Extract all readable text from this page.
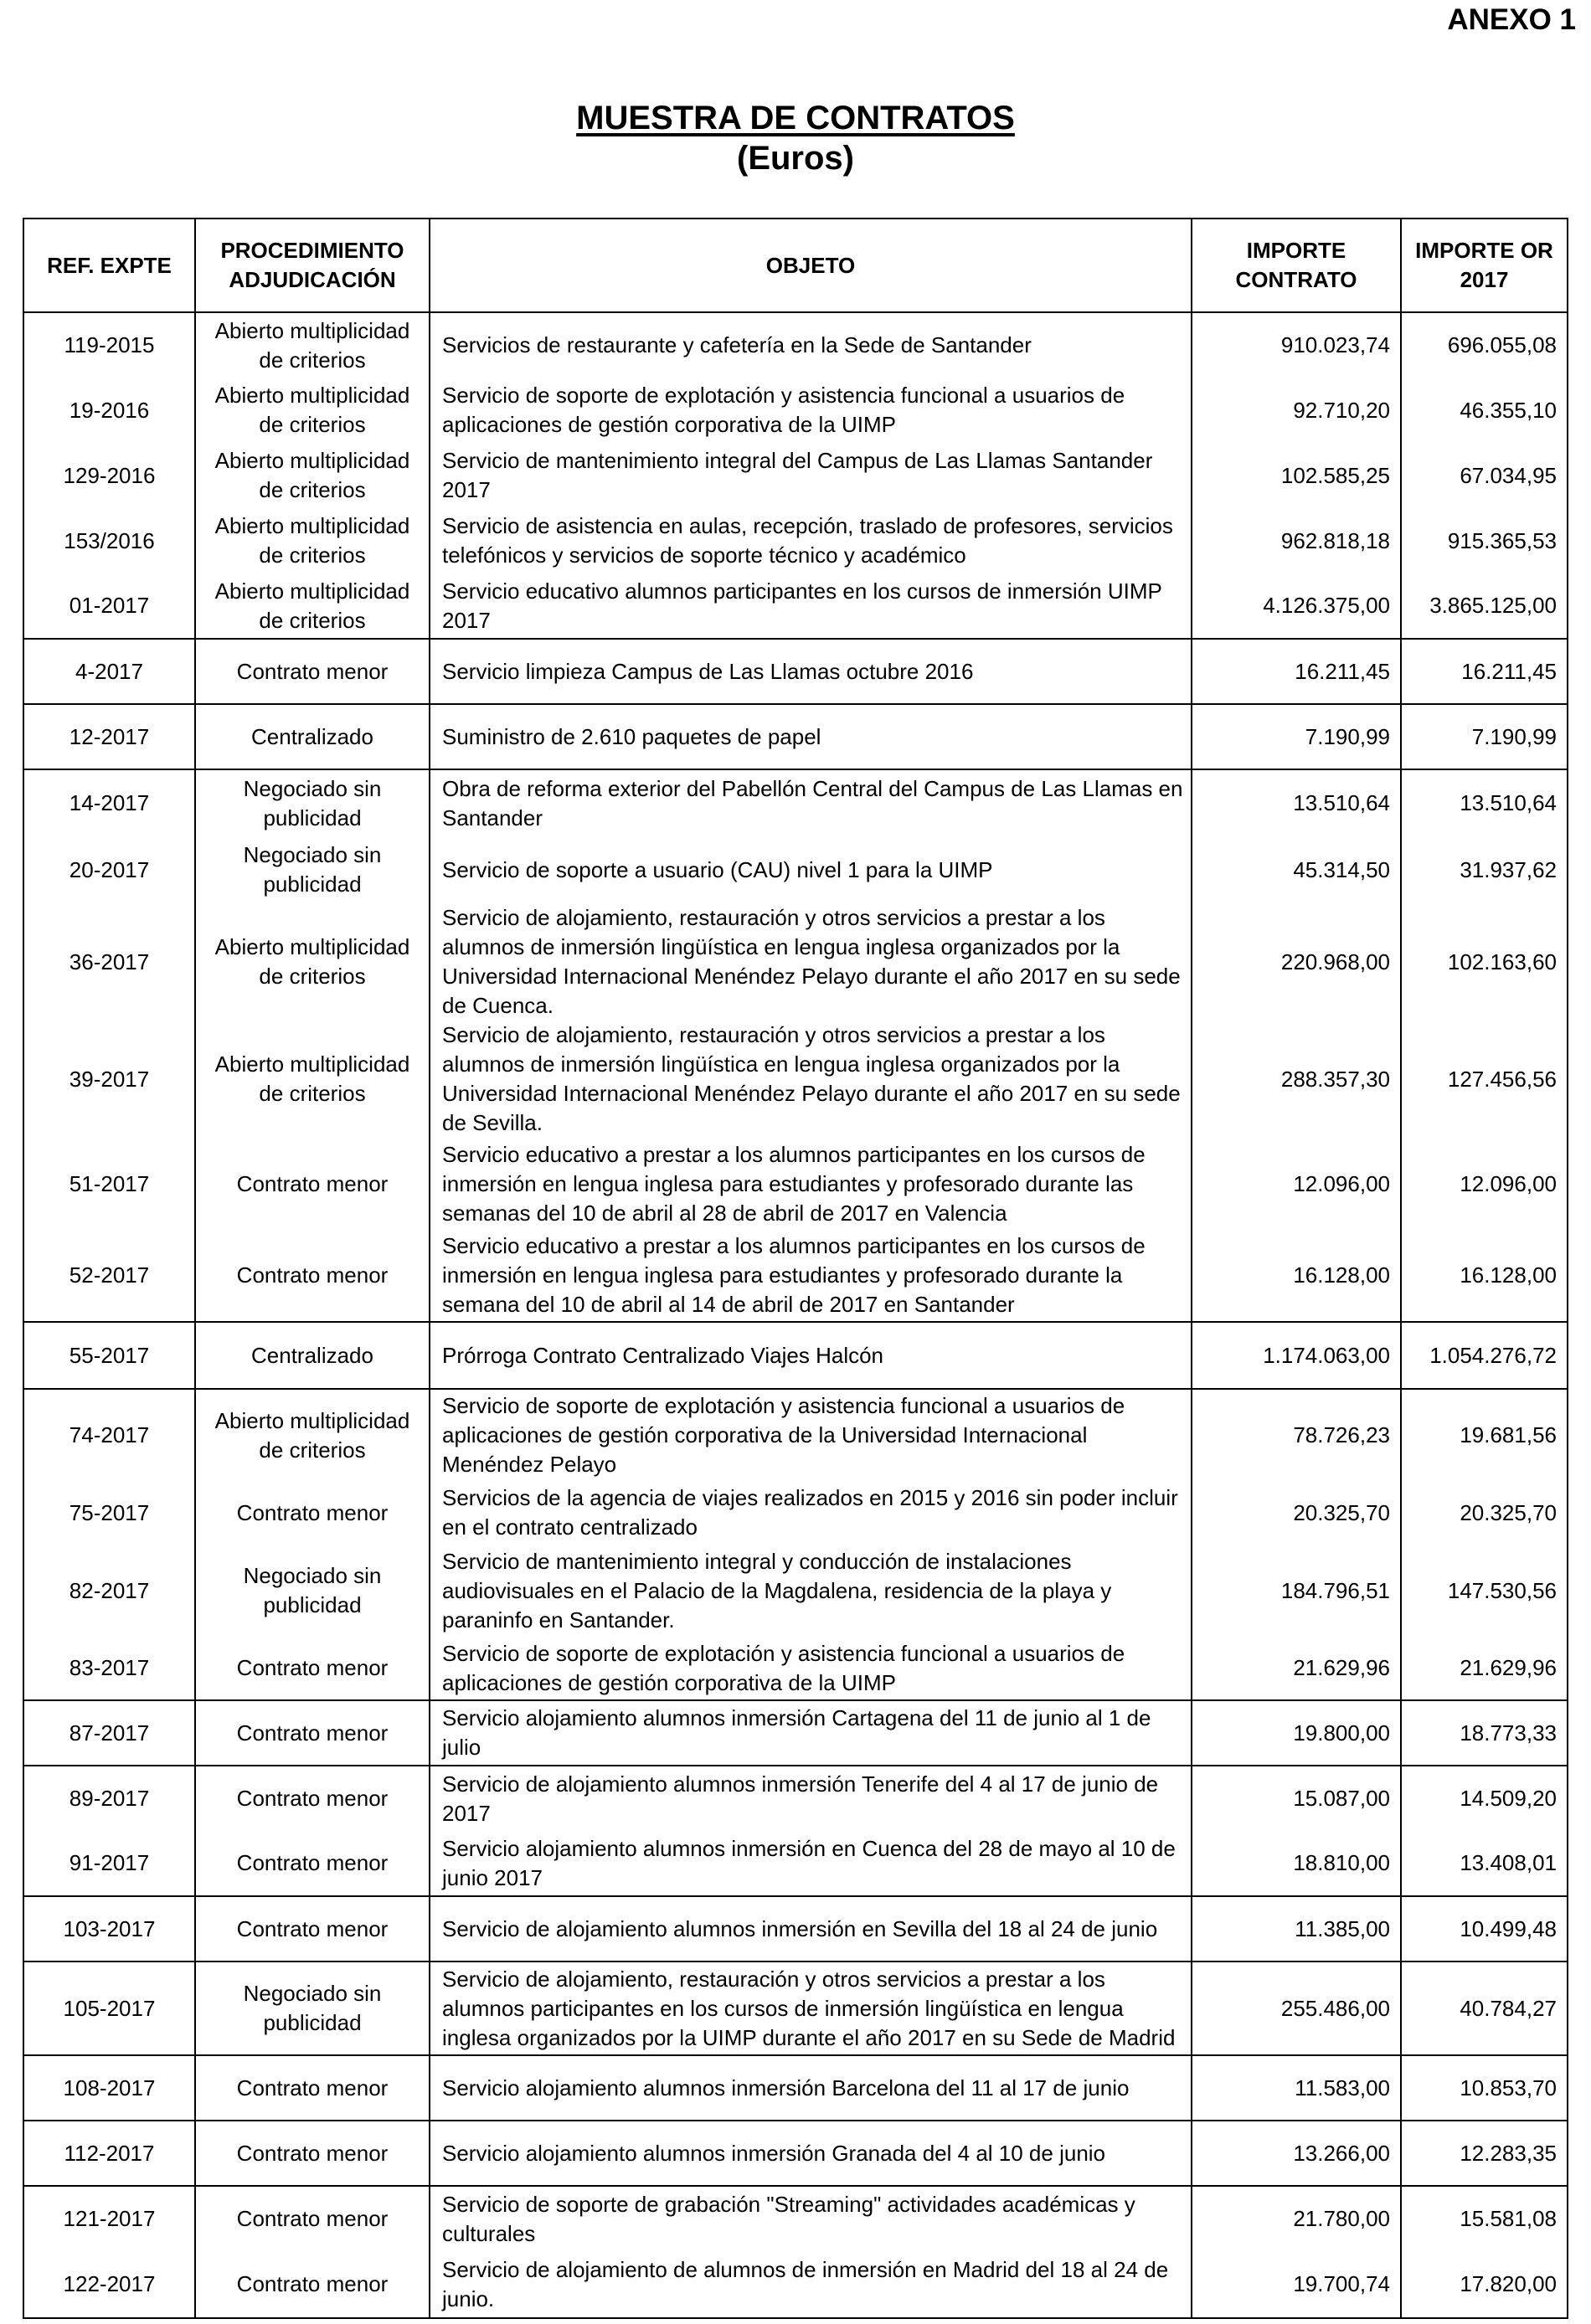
ANEXO 1
MUESTRA DE CONTRATOS
(Euros)
REF. EXPTE	PROCEDIMIENTO ADJUDICACIÓN	OBJETO	IMPORTE CONTRATO	IMPORTE OR 2017
119-2015	Abierto multiplicidad de criterios	Servicios de restaurante y cafetería en la Sede de Santander	910.023,74	696.055,08
19-2016	Abierto multiplicidad de criterios	Servicio de soporte de explotación y asistencia funcional a usuarios de aplicaciones de gestión corporativa de la UIMP	92.710,20	46.355,10
129-2016	Abierto multiplicidad de criterios	Servicio de mantenimiento integral del Campus de Las Llamas Santander 2017	102.585,25	67.034,95
153/2016	Abierto multiplicidad de criterios	Servicio de asistencia en aulas, recepción, traslado de profesores, servicios telefónicos y servicios de soporte técnico y académico	962.818,18	915.365,53
01-2017	Abierto multiplicidad de criterios	Servicio educativo alumnos participantes en los cursos de inmersión UIMP 2017	4.126.375,00	3.865.125,00
4-2017	Contrato menor	Servicio limpieza Campus de Las Llamas octubre 2016	16.211,45	16.211,45
12-2017	Centralizado	Suministro de 2.610 paquetes de papel	7.190,99	7.190,99
14-2017	Negociado sin publicidad	Obra de reforma exterior del Pabellón Central del Campus de Las Llamas en Santander	13.510,64	13.510,64
20-2017	Negociado sin publicidad	Servicio de soporte a usuario (CAU) nivel 1 para la UIMP	45.314,50	31.937,62
36-2017	Abierto multiplicidad de criterios	Servicio de alojamiento, restauración y otros servicios a prestar a los alumnos de inmersión lingüística en lengua inglesa organizados por la Universidad Internacional Menéndez Pelayo durante el año 2017 en su sede de Cuenca.	220.968,00	102.163,60
39-2017	Abierto multiplicidad de criterios	Servicio de alojamiento, restauración y otros servicios a prestar a los alumnos de inmersión lingüística en lengua inglesa organizados por la Universidad Internacional Menéndez Pelayo durante el año 2017 en su sede de Sevilla.	288.357,30	127.456,56
51-2017	Contrato menor	Servicio educativo a prestar a los alumnos participantes en los cursos de inmersión en lengua inglesa para estudiantes y profesorado durante las semanas del 10 de abril al 28 de abril de 2017 en Valencia	12.096,00	12.096,00
52-2017	Contrato menor	Servicio educativo a prestar a los alumnos participantes en los cursos de inmersión en lengua inglesa para estudiantes y profesorado durante la semana del 10 de abril al 14 de abril de 2017 en Santander	16.128,00	16.128,00
55-2017	Centralizado	Prórroga Contrato Centralizado Viajes Halcón	1.174.063,00	1.054.276,72
74-2017	Abierto multiplicidad de criterios	Servicio de soporte de explotación y asistencia funcional a usuarios de aplicaciones de gestión corporativa de la Universidad Internacional Menéndez Pelayo	78.726,23	19.681,56
75-2017	Contrato menor	Servicios de la agencia de viajes realizados en 2015 y 2016 sin poder incluir en el contrato centralizado	20.325,70	20.325,70
82-2017	Negociado sin publicidad	Servicio de mantenimiento integral y conducción de instalaciones audiovisuales en el Palacio de la Magdalena, residencia de la playa y paraninfo en Santander.	184.796,51	147.530,56
83-2017	Contrato menor	Servicio de soporte de explotación y asistencia funcional a usuarios de aplicaciones de gestión corporativa de la UIMP	21.629,96	21.629,96
87-2017	Contrato menor	Servicio alojamiento alumnos inmersión Cartagena del 11 de junio al 1 de julio	19.800,00	18.773,33
89-2017	Contrato menor	Servicio de alojamiento alumnos inmersión Tenerife del 4 al 17 de junio de 2017	15.087,00	14.509,20
91-2017	Contrato menor	Servicio alojamiento alumnos inmersión en Cuenca del 28 de mayo al 10 de junio 2017	18.810,00	13.408,01
103-2017	Contrato menor	Servicio de alojamiento alumnos inmersión en Sevilla del 18 al 24 de junio	11.385,00	10.499,48
105-2017	Negociado sin publicidad	Servicio de alojamiento, restauración y otros servicios a prestar a los alumnos participantes en los cursos de inmersión lingüística en lengua inglesa organizados por la UIMP durante el año 2017 en su Sede de Madrid	255.486,00	40.784,27
108-2017	Contrato menor	Servicio alojamiento alumnos inmersión Barcelona del 11 al 17 de junio	11.583,00	10.853,70
112-2017	Contrato menor	Servicio alojamiento alumnos inmersión Granada del 4 al 10 de junio	13.266,00	12.283,35
121-2017	Contrato menor	Servicio de soporte de grabación "Streaming" actividades académicas y culturales	21.780,00	15.581,08
122-2017	Contrato menor	Servicio de alojamiento de alumnos de inmersión en Madrid del 18 al 24 de junio.	19.700,74	17.820,00
